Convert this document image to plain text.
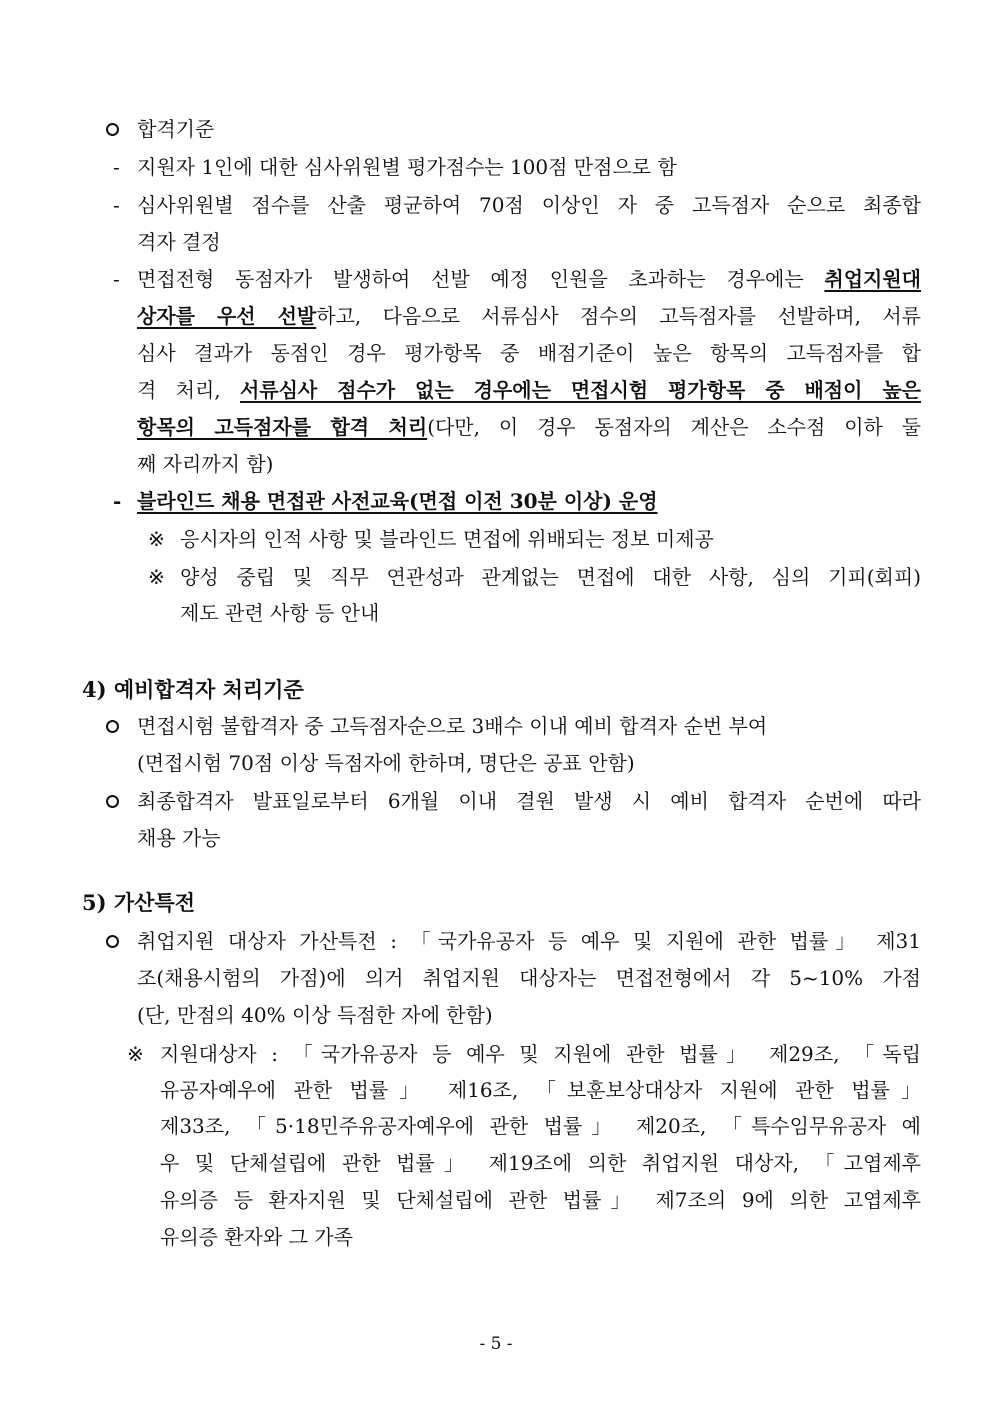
합격기준
- 지원자 1인에 대한 심사위원별 평가점수는 100점 만점으로 함
- 심사위원별 점수를 산출 평균하여 70점 이상인 자 중 고득점자 순으로 최종합
격자 결정
- 면접전형 동점자가 발생하여 선발 예정 인원을 초과하는 경우에는 취업지원대
상자를 우선 선발하고, 다음으로 서류심사 점수의 고득점자를 선발하며, 서류
심사 결과가 동점인 경우 평가항목 중 배점기준이 높은 항목의 고득점자를 합
격 처리, 서류심사 점수가 없는 경우에는 면접시험 평가항목 중 배점이 높은
항목의 고득점자를 합격 처리(다만, 이 경우 동점자의 계산은 소수점 이하 둘
째 자리까지 함)
- 블라인드 채용 면접관 사전교육(면접 이전 30분 이상) 운영
※ 응시자의 인적 사항 및 블라인드 면접에 위배되는 정보 미제공
※ 양성 중립 및 직무 연관성과 관계없는 면접에 대한 사항, 심의 기피(회피)
제도 관련 사항 등 안내
4) 예비합격자 처리기준
면접시험 불합격자 중 고득점자순으로 3배수 이내 예비 합격자 순번 부여
(면접시험 70점 이상 득점자에 한하며, 명단은 공표 안함)
최종합격자 발표일로부터 6개월 이내 결원 발생 시 예비 합격자 순번에 따라
채용 가능
5) 가산특전
취업지원 대상자 가산특전 : 「국가유공자 등 예우 및 지원에 관한 법률」 제31
조(채용시험의 가점)에 의거 취업지원 대상자는 면접전형에서 각 5~10% 가점
(단, 만점의 40% 이상 득점한 자에 한함)
※ 지원대상자 : 「국가유공자 등 예우 및 지원에 관한 법률」 제29조, 「독립
유공자예우에 관한 법률」 제16조, 「보훈보상대상자 지원에 관한 법률」
제33조, 「5·18민주유공자예우에 관한 법률」 제20조, 「특수임무유공자 예
우 및 단체설립에 관한 법률」 제19조에 의한 취업지원 대상자, 「고엽제후
유의증 등 환자지원 및 단체설립에 관한 법률」 제7조의 9에 의한 고엽제후
유의증 환자와 그 가족
- 5 -
